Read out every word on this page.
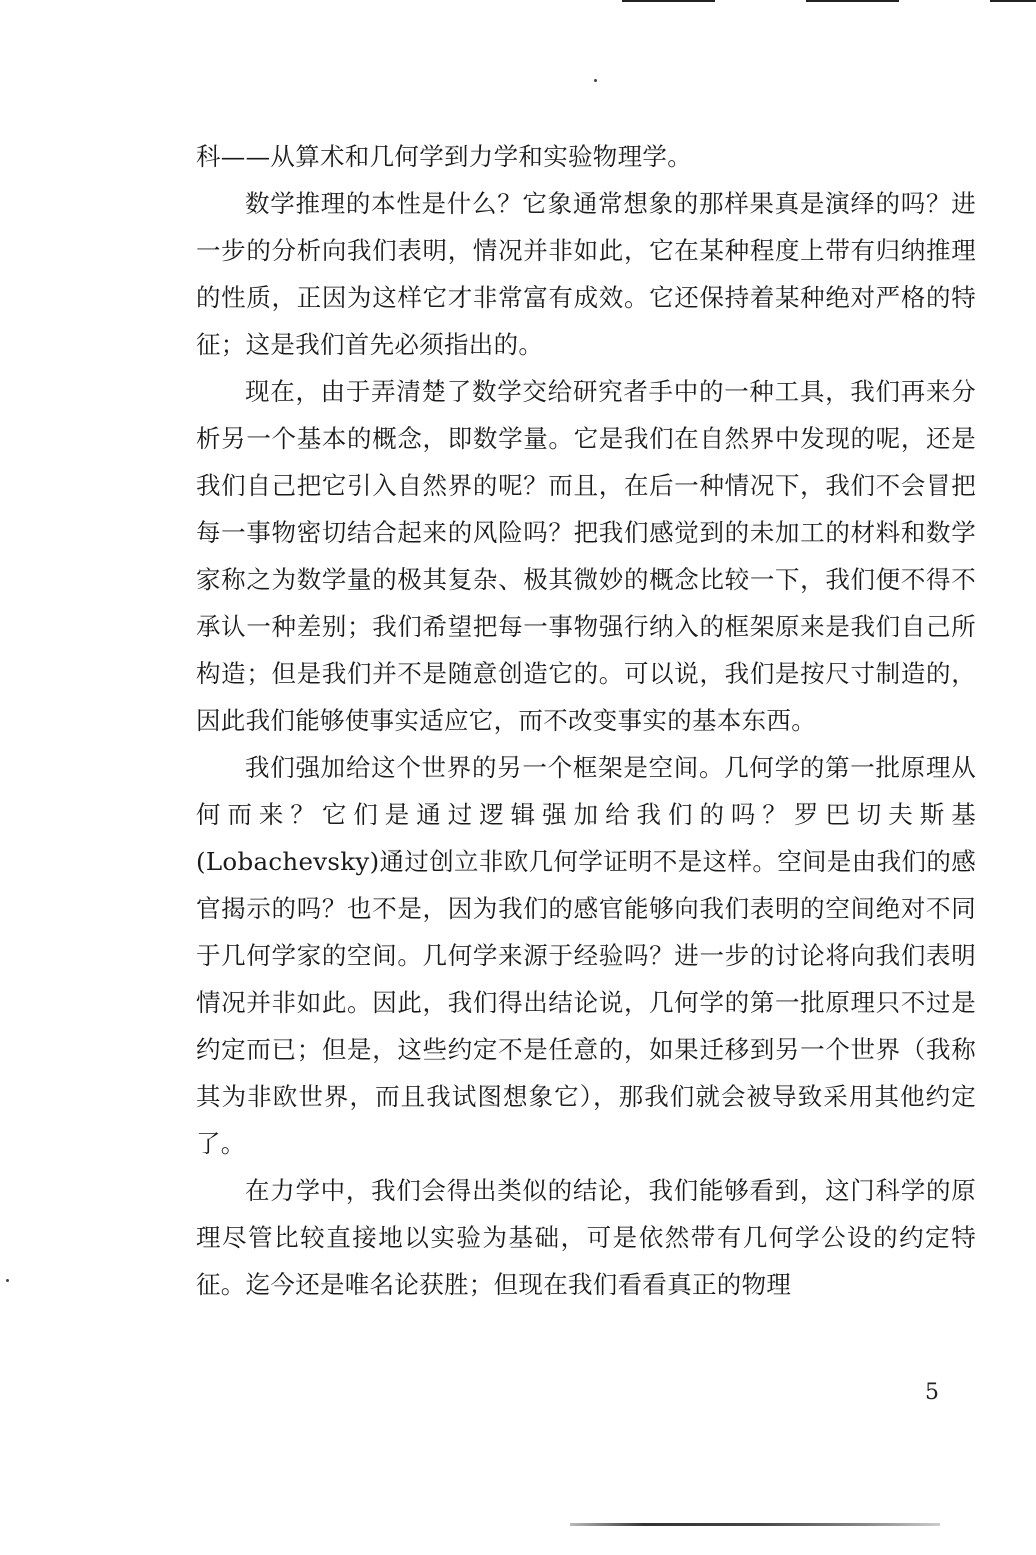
科——从算术和几何学到力学和实验物理学。

数学推理的本性是什么？它象通常想象的那样果真是演绎的吗？进一步的分析向我们表明，情况并非如此，它在某种程度上带有归纳推理的性质，正因为这样它才非常富有成效。它还保持着某种绝对严格的特征；这是我们首先必须指出的。

现在，由于弄清楚了数学交给研究者手中的一种工具，我们再来分析另一个基本的概念，即数学量。它是我们在自然界中发现的呢，还是我们自己把它引入自然界的呢？而且，在后一种情况下，我们不会冒把每一事物密切结合起来的风险吗？把我们感觉到的未加工的材料和数学家称之为数学量的极其复杂、极其微妙的概念比较一下，我们便不得不承认一种差别；我们希望把每一事物强行纳入的框架原来是我们自己所构造；但是我们并不是随意创造它的。可以说，我们是按尺寸制造的，因此我们能够使事实适应它，而不改变事实的基本东西。

我们强加给这个世界的另一个框架是空间。几何学的第一批原理从何而来？它们是通过逻辑强加给我们的吗？罗巴切夫斯基(Lobachevsky)通过创立非欧几何学证明不是这样。空间是由我们的感官揭示的吗？也不是，因为我们的感官能够向我们表明的空间绝对不同于几何学家的空间。几何学来源于经验吗？进一步的讨论将向我们表明情况并非如此。因此，我们得出结论说，几何学的第一批原理只不过是约定而已；但是，这些约定不是任意的，如果迁移到另一个世界（我称其为非欧世界，而且我试图想象它），那我们就会被导致采用其他约定了。

在力学中，我们会得出类似的结论，我们能够看到，这门科学的原理尽管比较直接地以实验为基础，可是依然带有几何学公设的约定特征。迄今还是唯名论获胜；但现在我们看看真正的物理

5
